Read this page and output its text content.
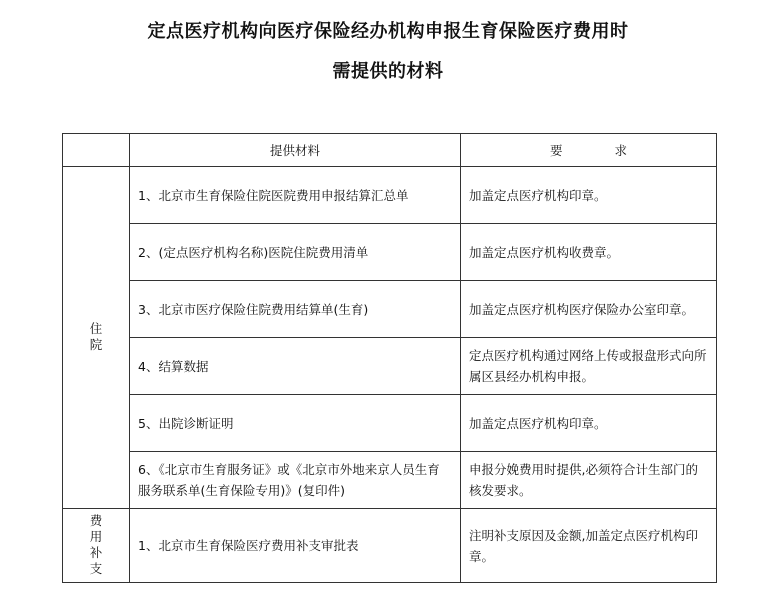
定点医疗机构向医疗保险经办机构申报生育保险医疗费用时
需提供的材料
	提供材料	要求
住院	1、北京市生育保险住院医院费用申报结算汇总单	加盖定点医疗机构印章。
	2、(定点医疗机构名称)医院住院费用清单	加盖定点医疗机构收费章。
	3、北京市医疗保险住院费用结算单(生育)	加盖定点医疗机构医疗保险办公室印章。
	4、结算数据	定点医疗机构通过网络上传或报盘形式向所属区县经办机构申报。
	5、出院诊断证明	加盖定点医疗机构印章。
	6、《北京市生育服务证》或《北京市外地来京人员生育服务联系单(生育保险专用)》(复印件)	申报分娩费用时提供,必须符合计生部门的核发要求。
费用补支	1、北京市生育保险医疗费用补支审批表	注明补支原因及金额,加盖定点医疗机构印章。
